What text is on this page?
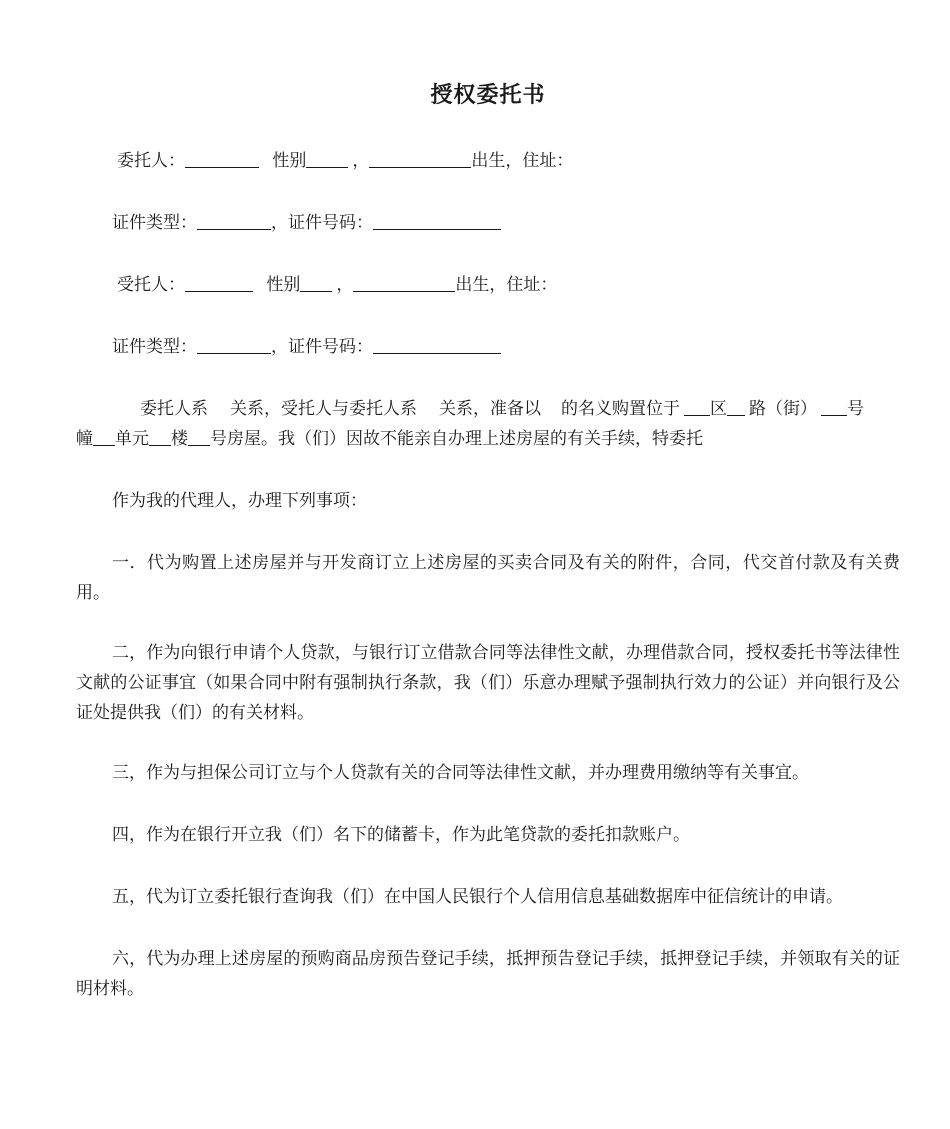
授权委托书
委托人：	性别	，	出生，住址：
证件类型：	，证件号码：
受托人：	性别 ，	出生，住址：
证件类型：	，证件号码：
委托人系 关系，受托人与委托人系 关系，准备以 的名义购置位于 区 路（街） 号
幢 单元 楼 号房屋。我（们）因故不能亲自办理上述房屋的有关手续，特委托
作为我的代理人，办理下列事项：
一．代为购置上述房屋并与开发商订立上述房屋的买卖合同及有关的附件，合同，代交首付款及有关费用。
二，作为向银行申请个人贷款，与银行订立借款合同等法律性文献，办理借款合同，授权委托书等法律性文献的公证事宜（如果合同中附有强制执行条款，我（们）乐意办理赋予强制执行效力的公证）并向银行及公证处提供我（们）的有关材料。
三，作为与担保公司订立与个人贷款有关的合同等法律性文献，并办理费用缴纳等有关事宜。
四，作为在银行开立我（们）名下的储蓄卡，作为此笔贷款的委托扣款账户。
五，代为订立委托银行查询我（们）在中国人民银行个人信用信息基础数据库中征信统计的申请。
六，代为办理上述房屋的预购商品房预告登记手续，抵押预告登记手续，抵押登记手续，并领取有关的证明材料。
